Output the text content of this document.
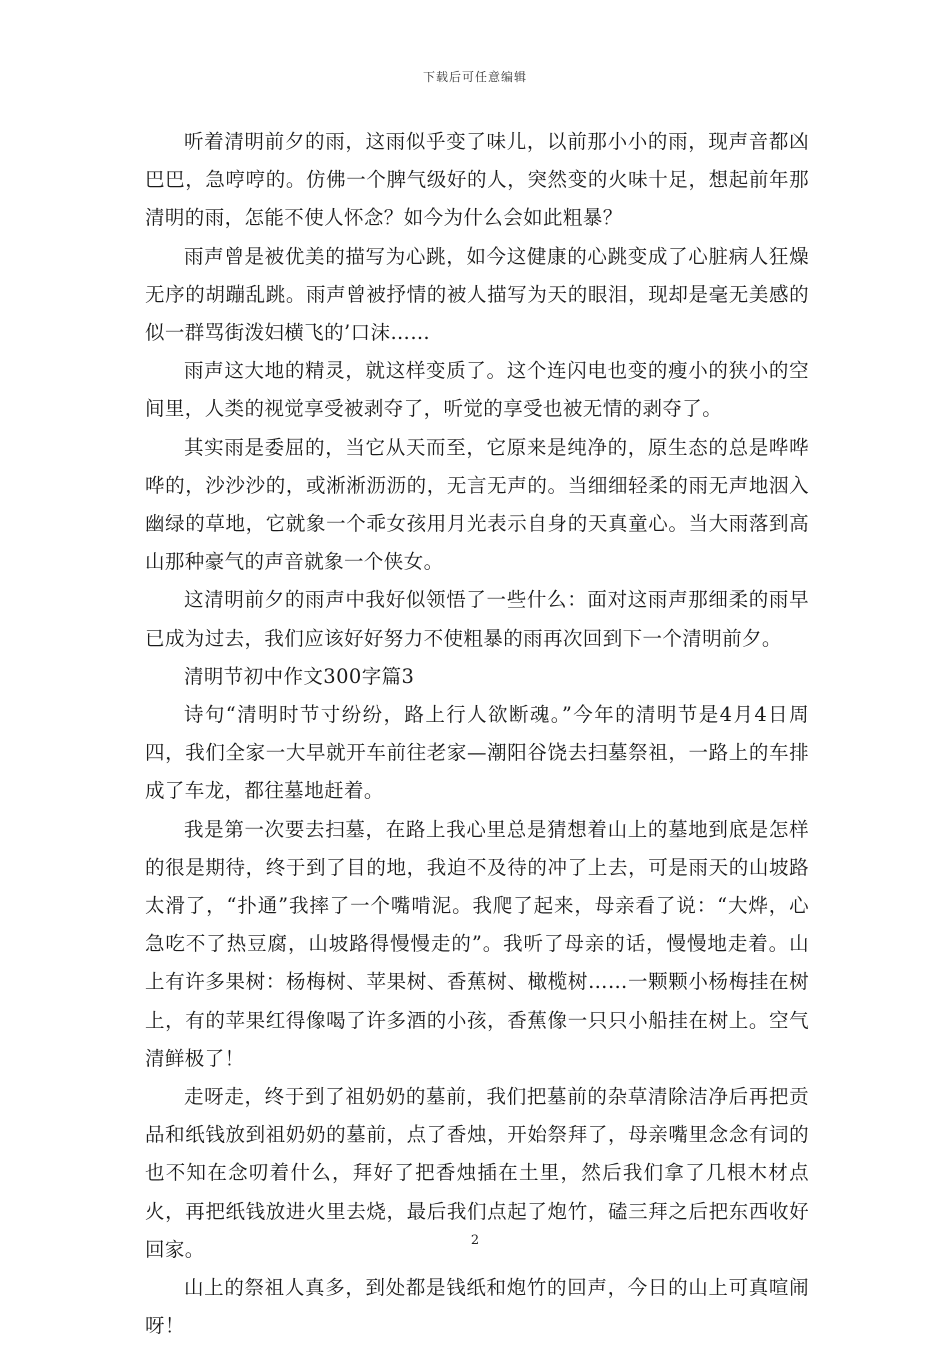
下载后可任意编辑

听着清明前夕的雨，这雨似乎变了味儿，以前那小小的雨，现声音都凶巴巴，急哼哼的。仿佛一个脾气级好的人，突然变的火味十足，想起前年那清明的雨，怎能不使人怀念？如今为什么会如此粗暴？

雨声曾是被优美的描写为心跳，如今这健康的心跳变成了心脏病人狂燥无序的胡蹦乱跳。雨声曾被抒情的被人描写为天的眼泪，现却是毫无美感的似一群骂街泼妇横飞的’口沫……

雨声这大地的精灵，就这样变质了。这个连闪电也变的瘦小的狭小的空间里，人类的视觉享受被剥夺了，听觉的享受也被无情的剥夺了。

其实雨是委屈的，当它从天而至，它原来是纯净的，原生态的总是哗哗哗的，沙沙沙的，或淅淅沥沥的，无言无声的。当细细轻柔的雨无声地洇入幽绿的草地，它就象一个乖女孩用月光表示自身的天真童心。当大雨落到高山那种豪气的声音就象一个侠女。

这清明前夕的雨声中我好似领悟了一些什么：面对这雨声那细柔的雨早已成为过去，我们应该好好努力不使粗暴的雨再次回到下一个清明前夕。

清明节初中作文300字篇3

诗句“清明时节寸纷纷，路上行人欲断魂。”今年的清明节是4月4日周四，我们全家一大早就开车前往老家—潮阳谷饶去扫墓祭祖，一路上的车排成了车龙，都往墓地赶着。

我是第一次要去扫墓，在路上我心里总是猜想着山上的墓地到底是怎样的很是期待，终于到了目的地，我迫不及待的冲了上去，可是雨天的山坡路太滑了，“扑通”我摔了一个嘴啃泥。我爬了起来，母亲看了说：“大烨，心急吃不了热豆腐，山坡路得慢慢走的”。我听了母亲的话，慢慢地走着。山上有许多果树：杨梅树、苹果树、香蕉树、橄榄树……一颗颗小杨梅挂在树上，有的苹果红得像喝了许多酒的小孩，香蕉像一只只小船挂在树上。空气清鲜极了！

走呀走，终于到了祖奶奶的墓前，我们把墓前的杂草清除洁净后再把贡品和纸钱放到祖奶奶的墓前，点了香烛，开始祭拜了，母亲嘴里念念有词的也不知在念叨着什么，拜好了把香烛插在土里，然后我们拿了几根木材点火，再把纸钱放进火里去烧，最后我们点起了炮竹，磕三拜之后把东西收好回家。

山上的祭祖人真多，到处都是钱纸和炮竹的回声，今日的山上可真喧闹呀！

2
